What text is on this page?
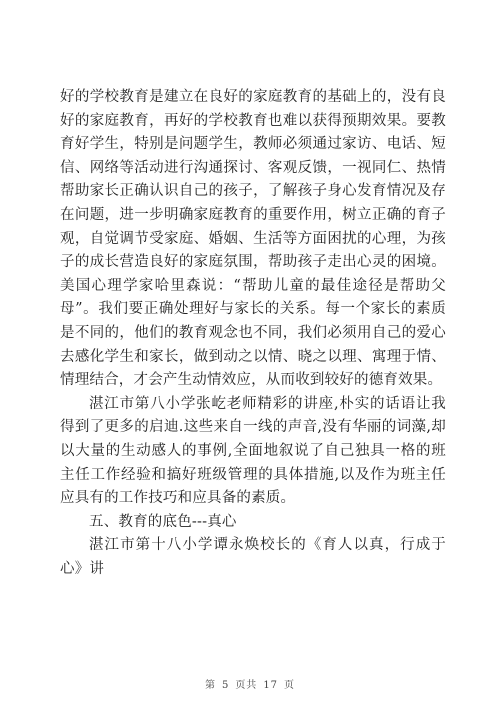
好的学校教育是建立在良好的家庭教育的基础上的，没有良好的家庭教育，再好的学校教育也难以获得预期效果。要教育好学生，特别是问题学生，教师必须通过家访、电话、短信、网络等活动进行沟通探讨、客观反馈，一视同仁、热情帮助家长正确认识自己的孩子，了解孩子身心发育情况及存在问题，进一步明确家庭教育的重要作用，树立正确的育子观，自觉调节受家庭、婚姻、生活等方面困扰的心理，为孩子的成长营造良好的家庭氛围，帮助孩子走出心灵的困境。美国心理学家哈里森说：“帮助儿童的最佳途径是帮助父母”。我们要正确处理好与家长的关系。每一个家长的素质是不同的，他们的教育观念也不同，我们必须用自己的爱心去感化学生和家长，做到动之以情、晓之以理、寓理于情、情理结合，才会产生动情效应，从而收到较好的德育效果。

湛江市第八小学张屹老师精彩的讲座,朴实的话语让我得到了更多的启迪.这些来自一线的声音,没有华丽的词藻,却以大量的生动感人的事例,全面地叙说了自己独具一格的班主任工作经验和搞好班级管理的具体措施,以及作为班主任应具有的工作技巧和应具备的素质。

五、教育的底色---真心

湛江市第十八小学谭永焕校长的《育人以真，行成于心》讲

第 5 页共 17 页
